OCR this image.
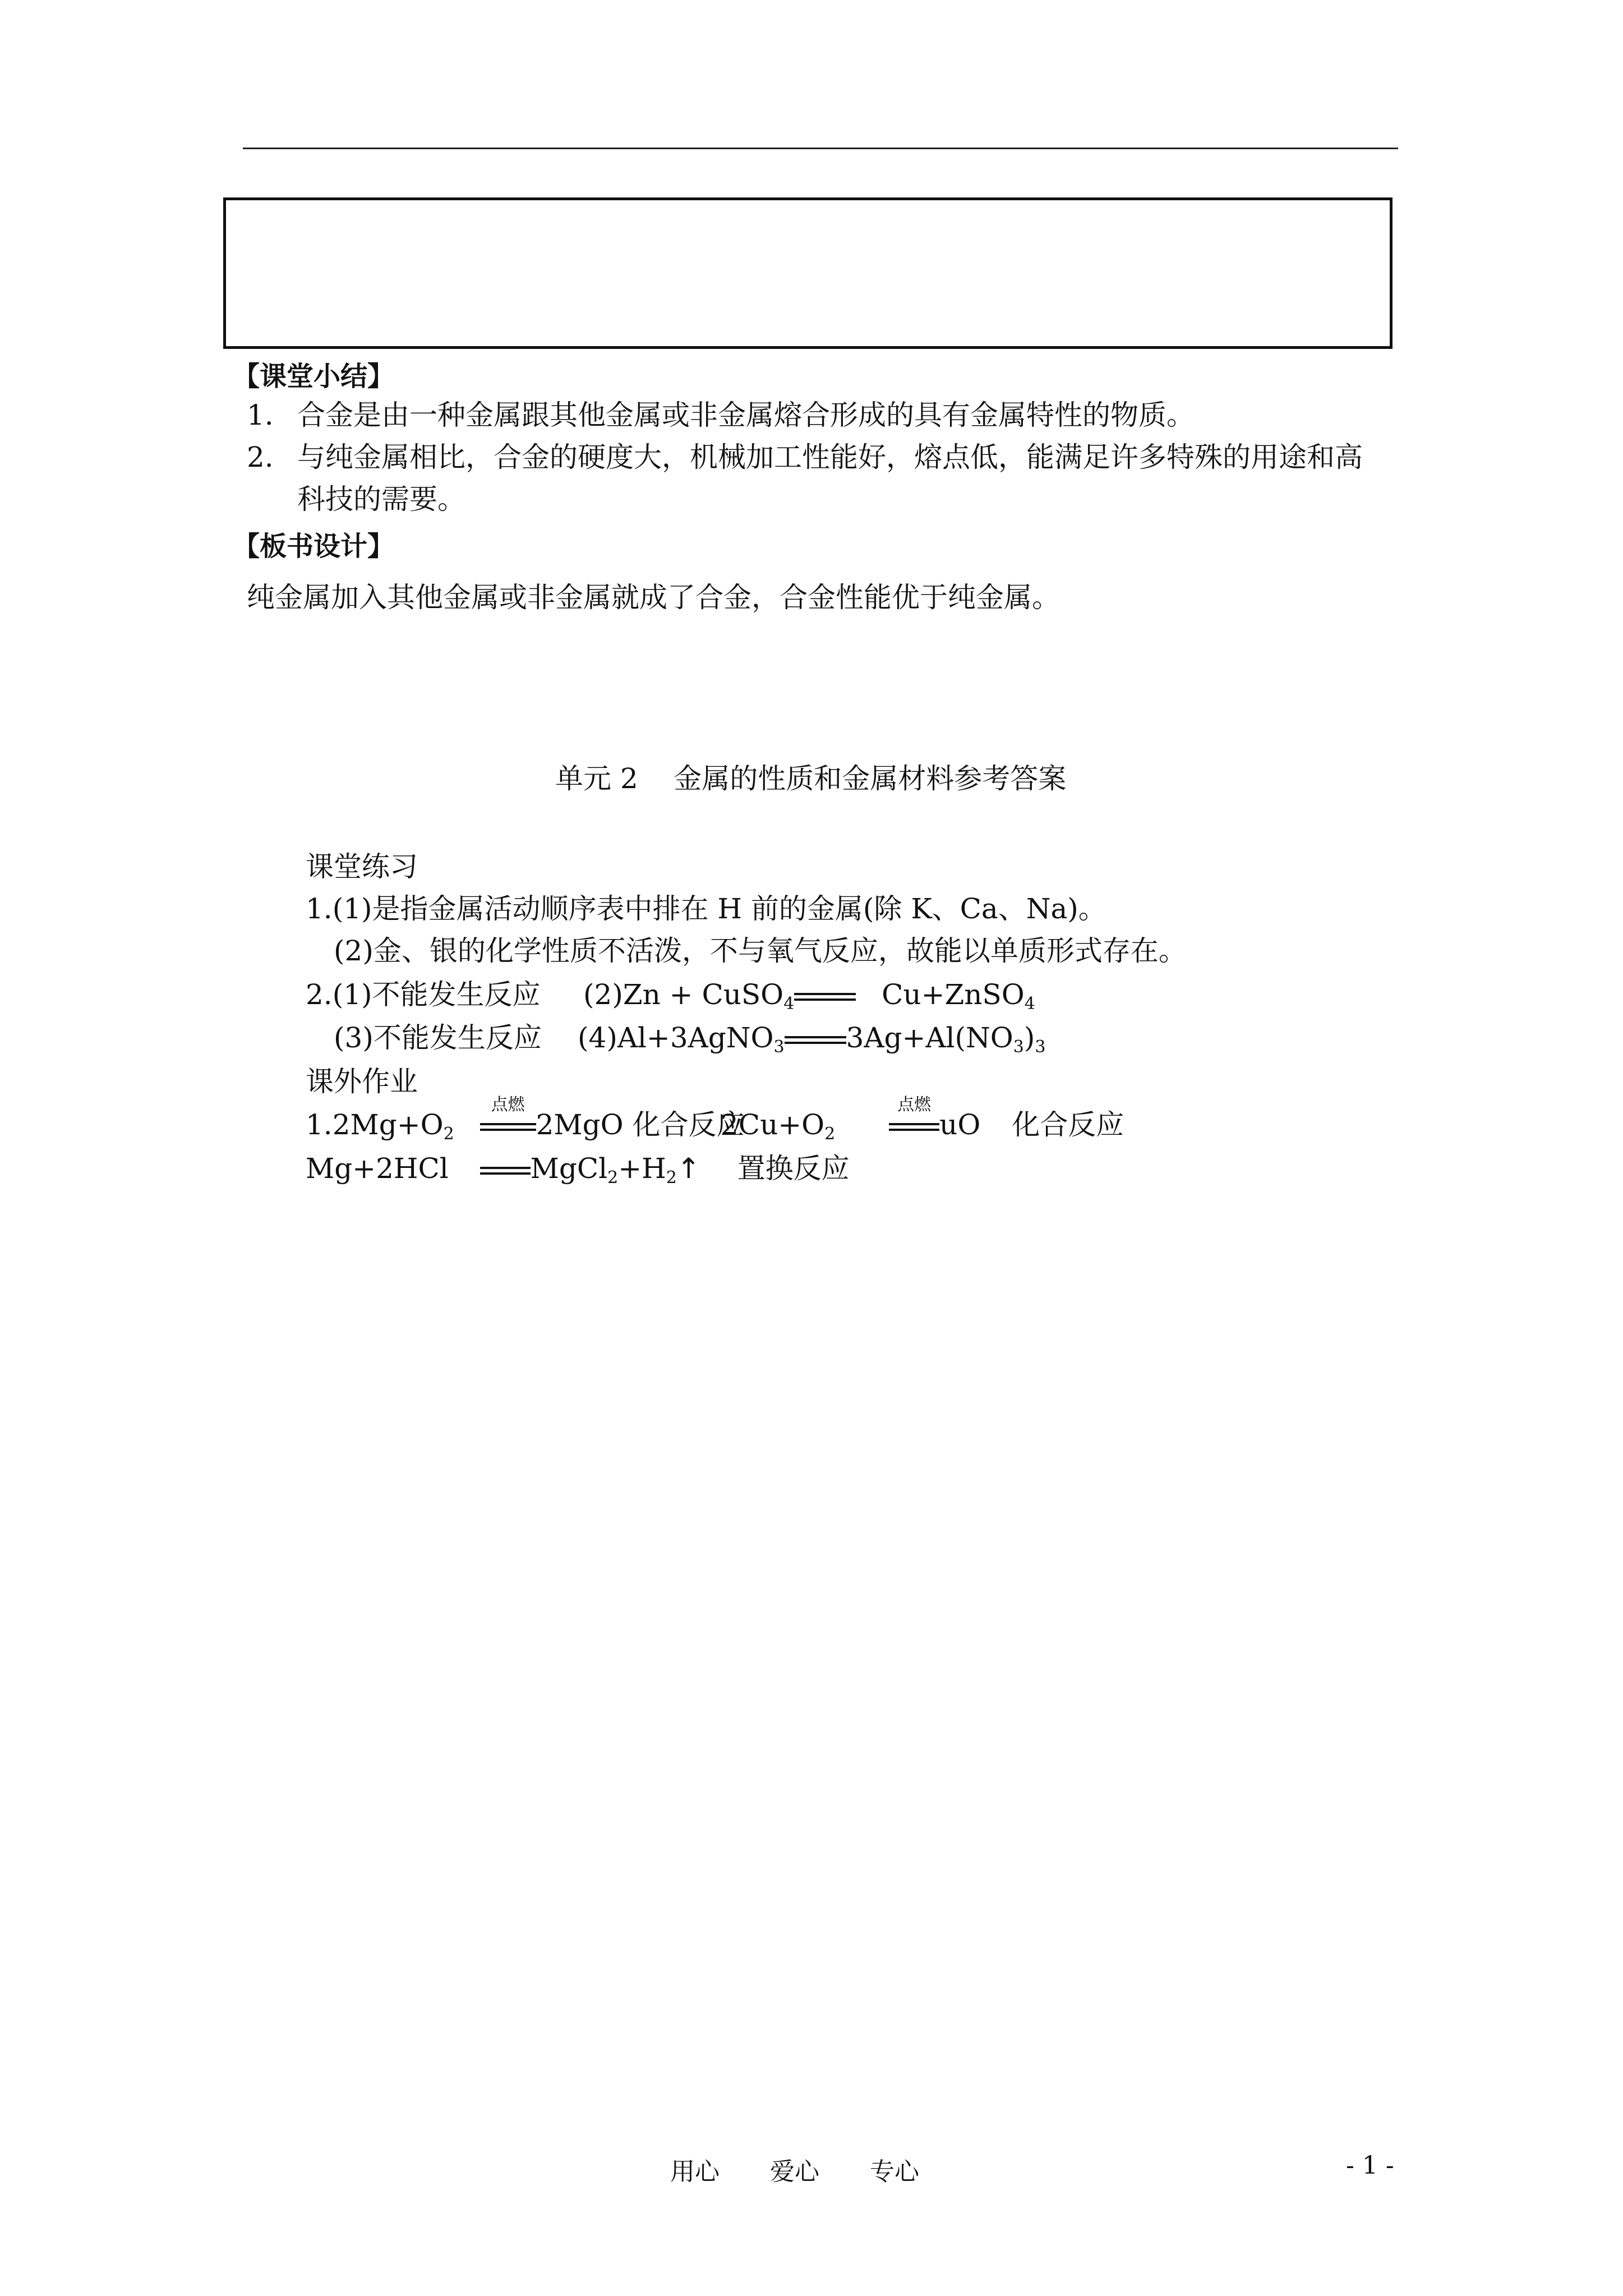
【课堂小结】
1. 合金是由一种金属跟其他金属或非金属熔合形成的具有金属特性的物质。
2. 与纯金属相比，合金的硬度大，机械加工性能好，熔点低，能满足许多特殊的用途和高
科技的需要。
【板书设计】
纯金属加入其他金属或非金属就成了合金，合金性能优于纯金属。
单元 2    金属的性质和金属材料参考答案
课堂练习
1.(1)是指金属活动顺序表中排在 H 前的金属(除 K、Ca、Na)。
(2)金、银的化学性质不活泼，不与氧气反应，故能以单质形式存在。
2.(1)不能发生反应 (2)Zn + CuSO$_4$	Cu+ZnSO$_4$
(3)不能发生反应 (4)Al+3AgNO$_3$ $3Ag+Al(NO_3)_3$
课外作业
$1.2Mg+O_2$
点燃
2MgO 化合反应
$2Cu+O_2$
点燃
uO 化合反应
Mg+2HCl	$MgCl_2+H_2↑$ 置换反应
用心 爱心 专心	- 1 -
